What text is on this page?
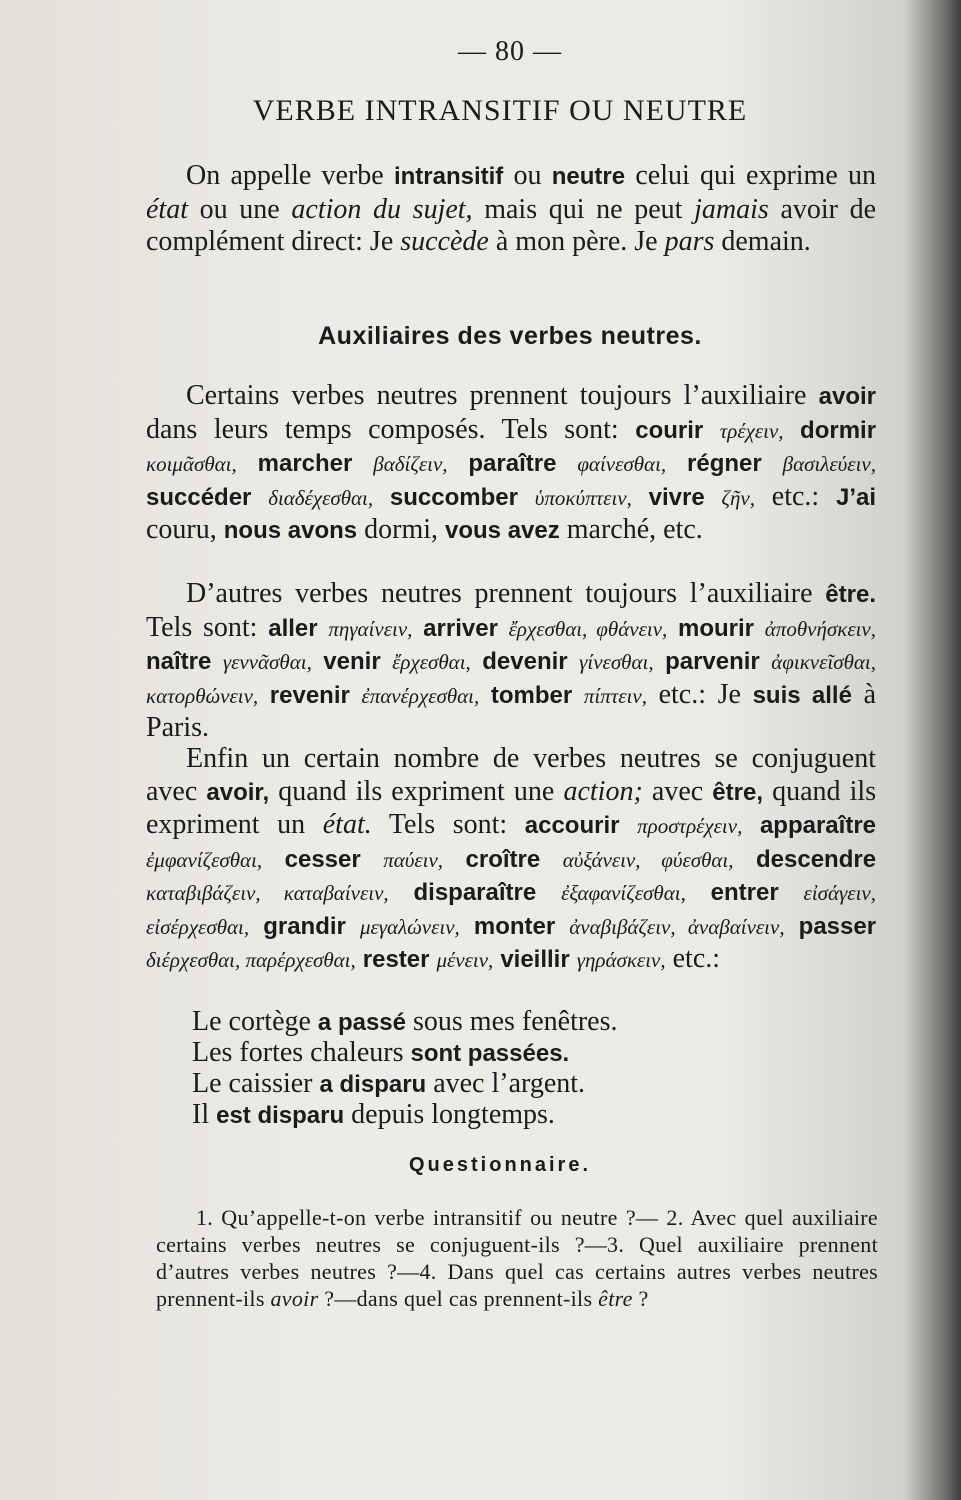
— 80 —
VERBE INTRANSITIF OU NEUTRE
On appelle verbe intransitif ou neutre celui qui exprime un état ou une action du sujet, mais qui ne peut jamais avoir de complément direct: Je succède à mon père. Je pars demain.
Auxiliaires des verbes neutres.
Certains verbes neutres prennent toujours l’auxiliaire avoir dans leurs temps composés. Tels sont: courir τρέχειν, dormir κοιμᾶσθαι, marcher βαδίζειν, paraître φαίνεσθαι, régner βασιλεύειν, succéder διαδέχεσθαι, succomber ὑποκύπτειν, vivre ζῆν, etc.: J’ai couru, nous avons dormi, vous avez marché, etc.
D’autres verbes neutres prennent toujours l’auxiliaire être. Tels sont: aller πηγαίνειν, arriver ἔρχεσθαι, φθάνειν, mourir ἀποθνήσκειν, naître γεννᾶσθαι, venir ἔρχεσθαι, devenir γίνεσθαι, parvenir ἀφικνεῖσθαι, κατορθώνειν, revenir ἐπανέρχεσθαι, tomber πίπτειν, etc.: Je suis allé à Paris.
Enfin un certain nombre de verbes neutres se conjuguent avec avoir, quand ils expriment une action; avec être, quand ils expriment un état. Tels sont: accourir προστρέχειν, apparaître ἐμφανίζεσθαι, cesser παύειν, croître αὐξάνειν, φύεσθαι, descendre καταβιβάζειν, καταβαίνειν, disparaître ἐξαφανίζεσθαι, entrer εἰσάγειν, εἰσέρχεσθαι, grandir μεγαλώνειν, monter ἀναβιβάζειν, ἀναβαίνειν, passer διέρχεσθαι, παρέρχεσθαι, rester μένειν, vieillir γηράσκειν, etc.:
Le cortège a passé sous mes fenêtres.
Les fortes chaleurs sont passées.
Le caissier a disparu avec l’argent.
Il est disparu depuis longtemps.
Questionnaire.
1. Qu’appelle-t-on verbe intransitif ou neutre ?— 2. Avec quel auxiliaire certains verbes neutres se conjuguent-ils ?—3. Quel auxiliaire prennent d’autres verbes neutres ?—4. Dans quel cas certains autres verbes neutres prennent-ils avoir ?—dans quel cas prennent-ils être ?
